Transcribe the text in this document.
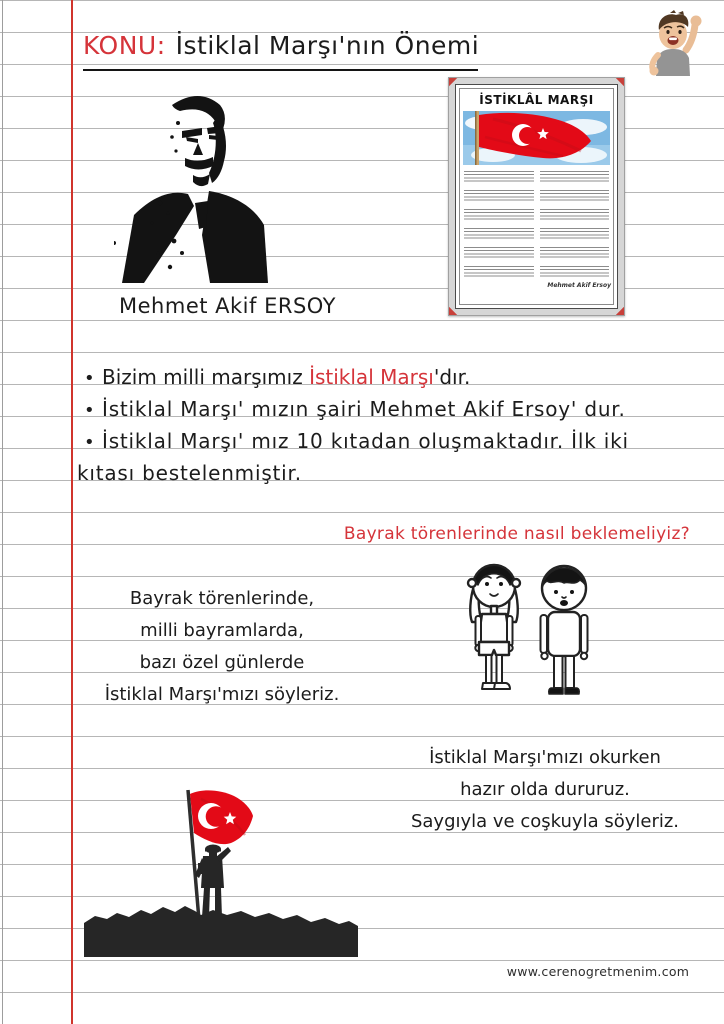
KONU: İstiklal Marşı'nın Önemi
Mehmet Akif ERSOY
İSTİKLÂL MARŞI
Mehmet Akif Ersoy
• Bizim milli marşımız İstiklal Marşı'dır.
• İstiklal Marşı' mızın şairi Mehmet Akif Ersoy' dur.
• İstiklal Marşı' mız 10 kıtadan oluşmaktadır. İlk iki
kıtası bestelenmiştir.
Bayrak törenlerinde nasıl beklemeliyiz?
Bayrak törenlerinde,
milli bayramlarda,
bazı özel günlerde
İstiklal Marşı'mızı söyleriz.
İstiklal Marşı'mızı okurken
hazır olda dururuz.
Saygıyla ve coşkuyla söyleriz.
www.cerenogretmenim.com
